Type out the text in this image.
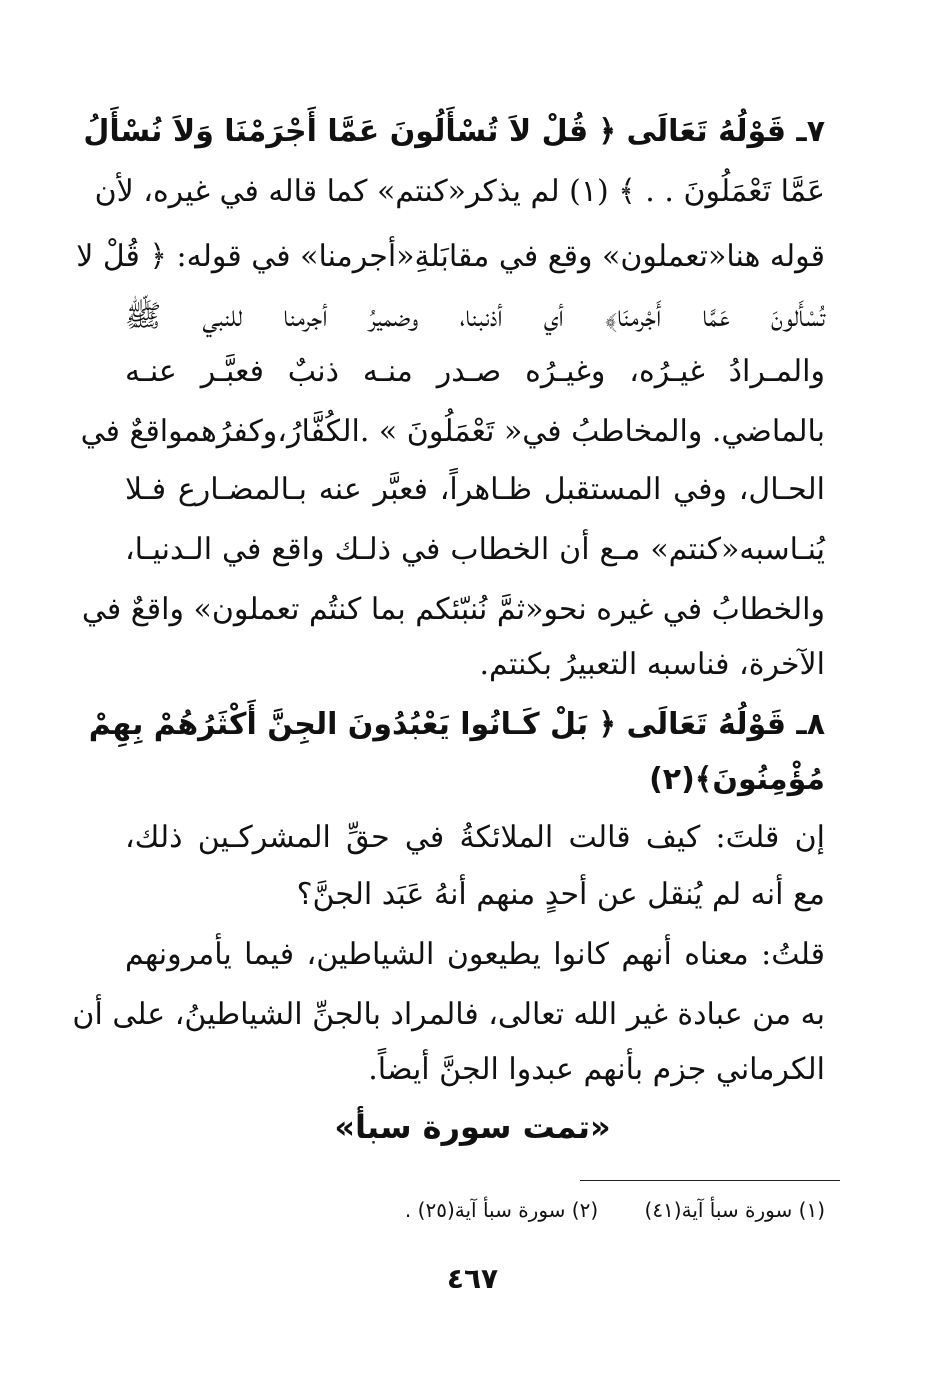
٧ـ قَوْلُهُ تَعَالَى ﴿ قُلْ لاَ تُسْأَلُونَ عَمَّا أَجْرَمْنَا وَلاَ نُسْأَلُ
عَمَّا تَعْمَلُونَ . . ﴾ (١) لم يذكر«كنتم» كما قاله في غيره، لأن
قوله هنا«تعملون» وقع في مقابَلةِ«أجرمنا» في قوله: ﴿ قُلْ لا
تُسْأَلونَ عَمَّا أَجْرمنَا﴾ أي أذنبنا، وضميرُ أجرمنا للنبي ﷺ
والمـرادُ غيـرُه، وغيـرُه صـدر منـه ذنبٌ فعبَّـر عنـه
بالماضي. والمخاطبُ في« تَعْمَلُونَ » .الكُفَّارُ،وكفرُهمواقعٌ في
الحـال، وفي المستقبل ظـاهراً، فعبَّر عنه بـالمضـارع فـلا
يُنـاسبه«كنتم» مـع أن الخطاب في ذلـك واقع في الـدنيـا،
والخطابُ في غيره نحو«ثمَّ نُنبّئكم بما كنتُم تعملون» واقعٌ في
الآخرة، فناسبه التعبيرُ بكنتم.
٨ـ قَوْلُهُ تَعَالَى ﴿ بَلْ كَـانُوا يَعْبُدُونَ الجِنَّ أَكْثَرُهُمْ بِهِمْ
مُؤْمِنُونَ﴾(٢)
إن قلتَ: كيف قالت الملائكةُ في حقِّ المشركـين ذلك،
مع أنه لم يُنقل عن أحدٍ منهم أنهُ عَبَد الجنَّ؟
قلتُ: معناه أنهم كانوا يطيعون الشياطين، فيما يأمرونهم
به من عبادة غير الله تعالى، فالمراد بالجنِّ الشياطينُ، على أن
الكرماني جزم بأنهم عبدوا الجنَّ أيضاً.
«تمت سورة سبأ»
(١) سورة سبأ آية(٤١) (٢) سورة سبأ آية(٢٥) .
٤٦٧
